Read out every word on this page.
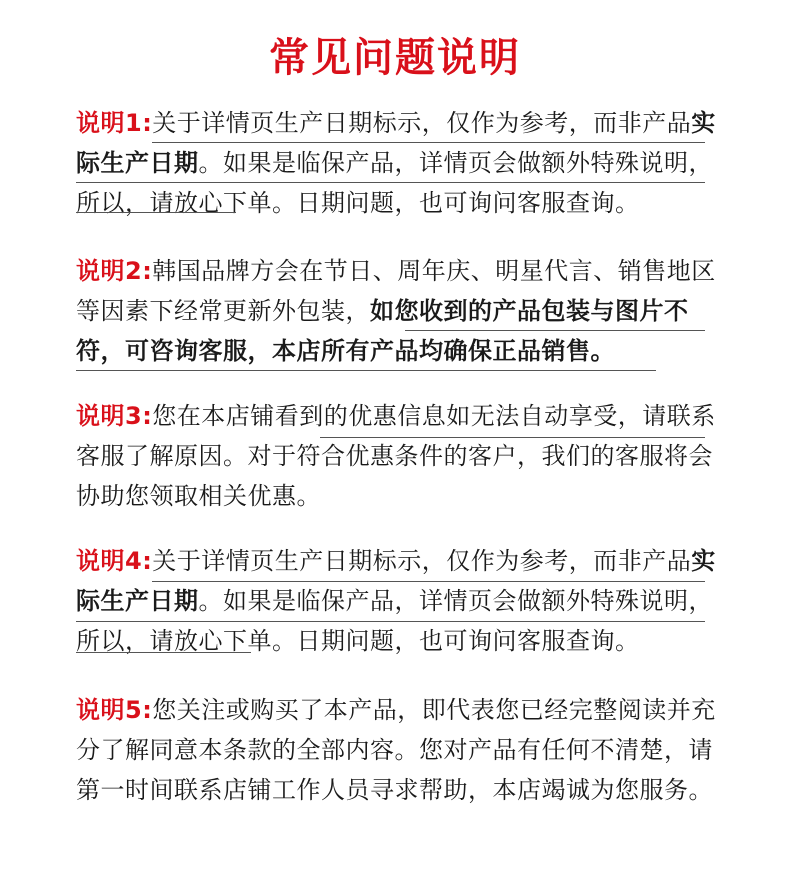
常见问题说明

说明1:关于详情页生产日期标示，仅作为参考，而非产品实际生产日期。如果是临保产品，详情页会做额外特殊说明，所以，请放心下单。日期问题，也可询问客服查询。

说明2:韩国品牌方会在节日、周年庆、明星代言、销售地区等因素下经常更新外包装，如您收到的产品包装与图片不符，可咨询客服，本店所有产品均确保正品销售。

说明3:您在本店铺看到的优惠信息如无法自动享受，请联系客服了解原因。对于符合优惠条件的客户，我们的客服将会协助您领取相关优惠。

说明4:关于详情页生产日期标示，仅作为参考，而非产品实际生产日期。如果是临保产品，详情页会做额外特殊说明，所以，请放心下单。日期问题，也可询问客服查询。

说明5:您关注或购买了本产品，即代表您已经完整阅读并充分了解同意本条款的全部内容。您对产品有任何不清楚，请第一时间联系店铺工作人员寻求帮助，本店竭诚为您服务。
